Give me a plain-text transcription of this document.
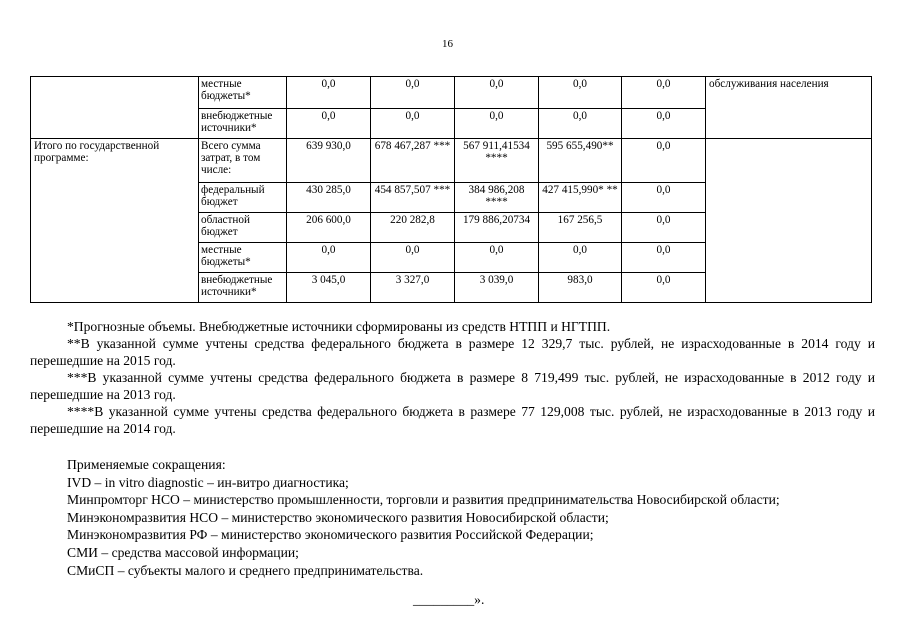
16
	местные бюджеты*	0,0	0,0	0,0	0,0	0,0	обслуживания населения
	внебюджетные источники*	0,0	0,0	0,0	0,0	0,0	
Итого по государственной программе:	Всего сумма затрат, в том числе:	639 930,0	678 467,287 ***	567 911,41534 ****	595 655,490**	0,0	
	федеральный бюджет	430 285,0	454 857,507 ***	384 986,208 ****	427 415,990* **	0,0	
	областной бюджет	206 600,0	220 282,8	179 886,20734	167 256,5	0,0	
	местные бюджеты*	0,0	0,0	0,0	0,0	0,0	
	внебюджетные источники*	3 045,0	3 327,0	3 039,0	983,0	0,0	

*Прогнозные объемы. Внебюджетные источники сформированы из средств НТПП и НГТПП.

**В указанной сумме учтены средства федерального бюджета в размере 12 329,7 тыс. рублей, не израсходованные в 2014 году и перешедшие на 2015 год.

***В указанной сумме учтены средства федерального бюджета в размере 8 719,499 тыс. рублей, не израсходованные в 2012 году и перешедшие на 2013 год.

****В указанной сумме учтены средства федерального бюджета в размере 77 129,008 тыс. рублей, не израсходованные в 2013 году и перешедшие на 2014 год.

Применяемые сокращения:
IVD – in vitro diagnostic – ин-витро диагностика;
Минпромторг НСО – министерство промышленности, торговли и развития предпринимательства Новосибирской области;
Минэкономразвития НСО – министерство экономического развития Новосибирской области;
Минэкономразвития РФ – министерство экономического развития Российской Федерации;
СМИ – средства массовой информации;
СМиСП – субъекты малого и среднего предпринимательства.
_________».
